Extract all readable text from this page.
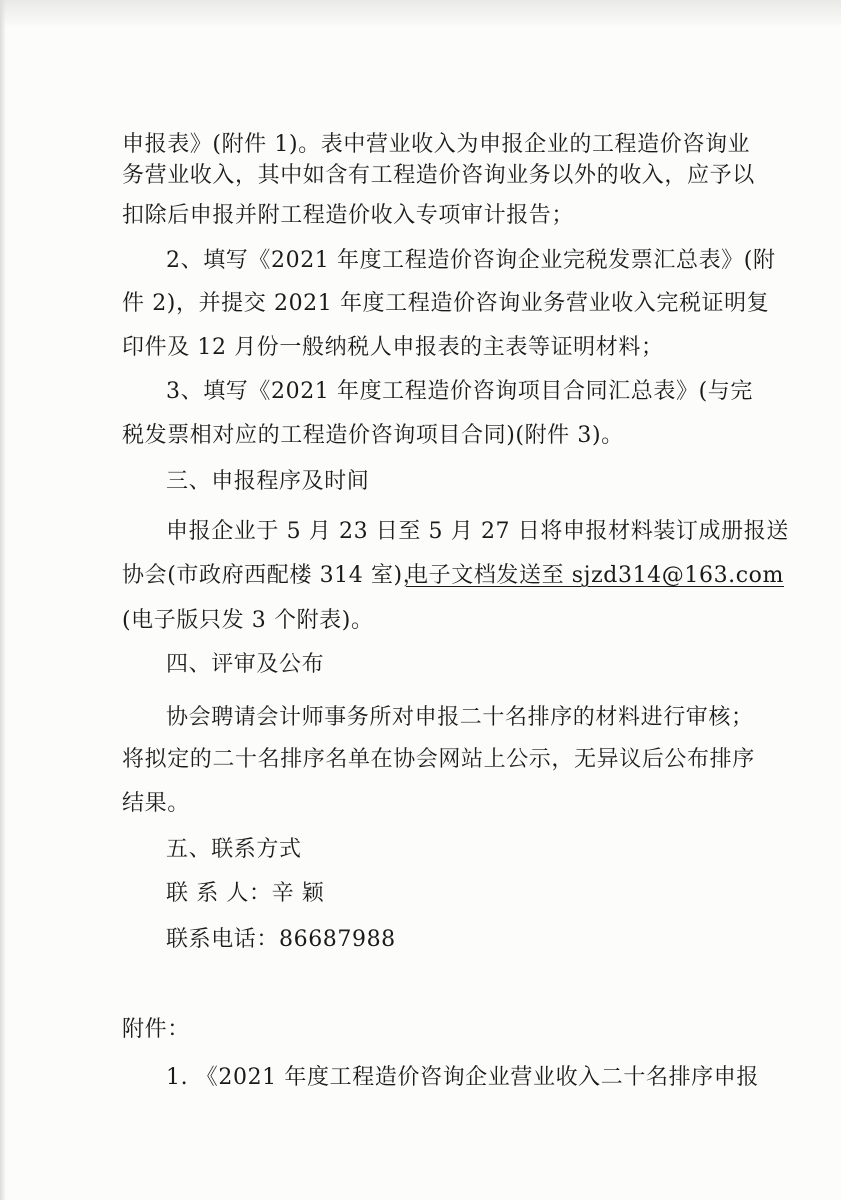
申报表》(附件 1)。表中营业收入为申报企业的工程造价咨询业

务营业收入，其中如含有工程造价咨询业务以外的收入，应予以

扣除后申报并附工程造价收入专项审计报告；

2、填写《2021 年度工程造价咨询企业完税发票汇总表》(附

件 2)，并提交 2021 年度工程造价咨询业务营业收入完税证明复

印件及 12 月份一般纳税人申报表的主表等证明材料；

3、填写《2021 年度工程造价咨询项目合同汇总表》(与完

税发票相对应的工程造价咨询项目合同)(附件 3)。

三、申报程序及时间

申报企业于 5 月 23 日至 5 月 27 日将申报材料装订成册报送

协会(市政府西配楼 314 室)，

电子文档发送至 sjzd314@163.com

(电子版只发 3 个附表)。

四、评审及公布

协会聘请会计师事务所对申报二十名排序的材料进行审核；

将拟定的二十名排序名单在协会网站上公示，无异议后公布排序

结果。

五、联系方式

联 系 人：辛 颖

联系电话：86687988

附件：

1. 《2021 年度工程造价咨询企业营业收入二十名排序申报
